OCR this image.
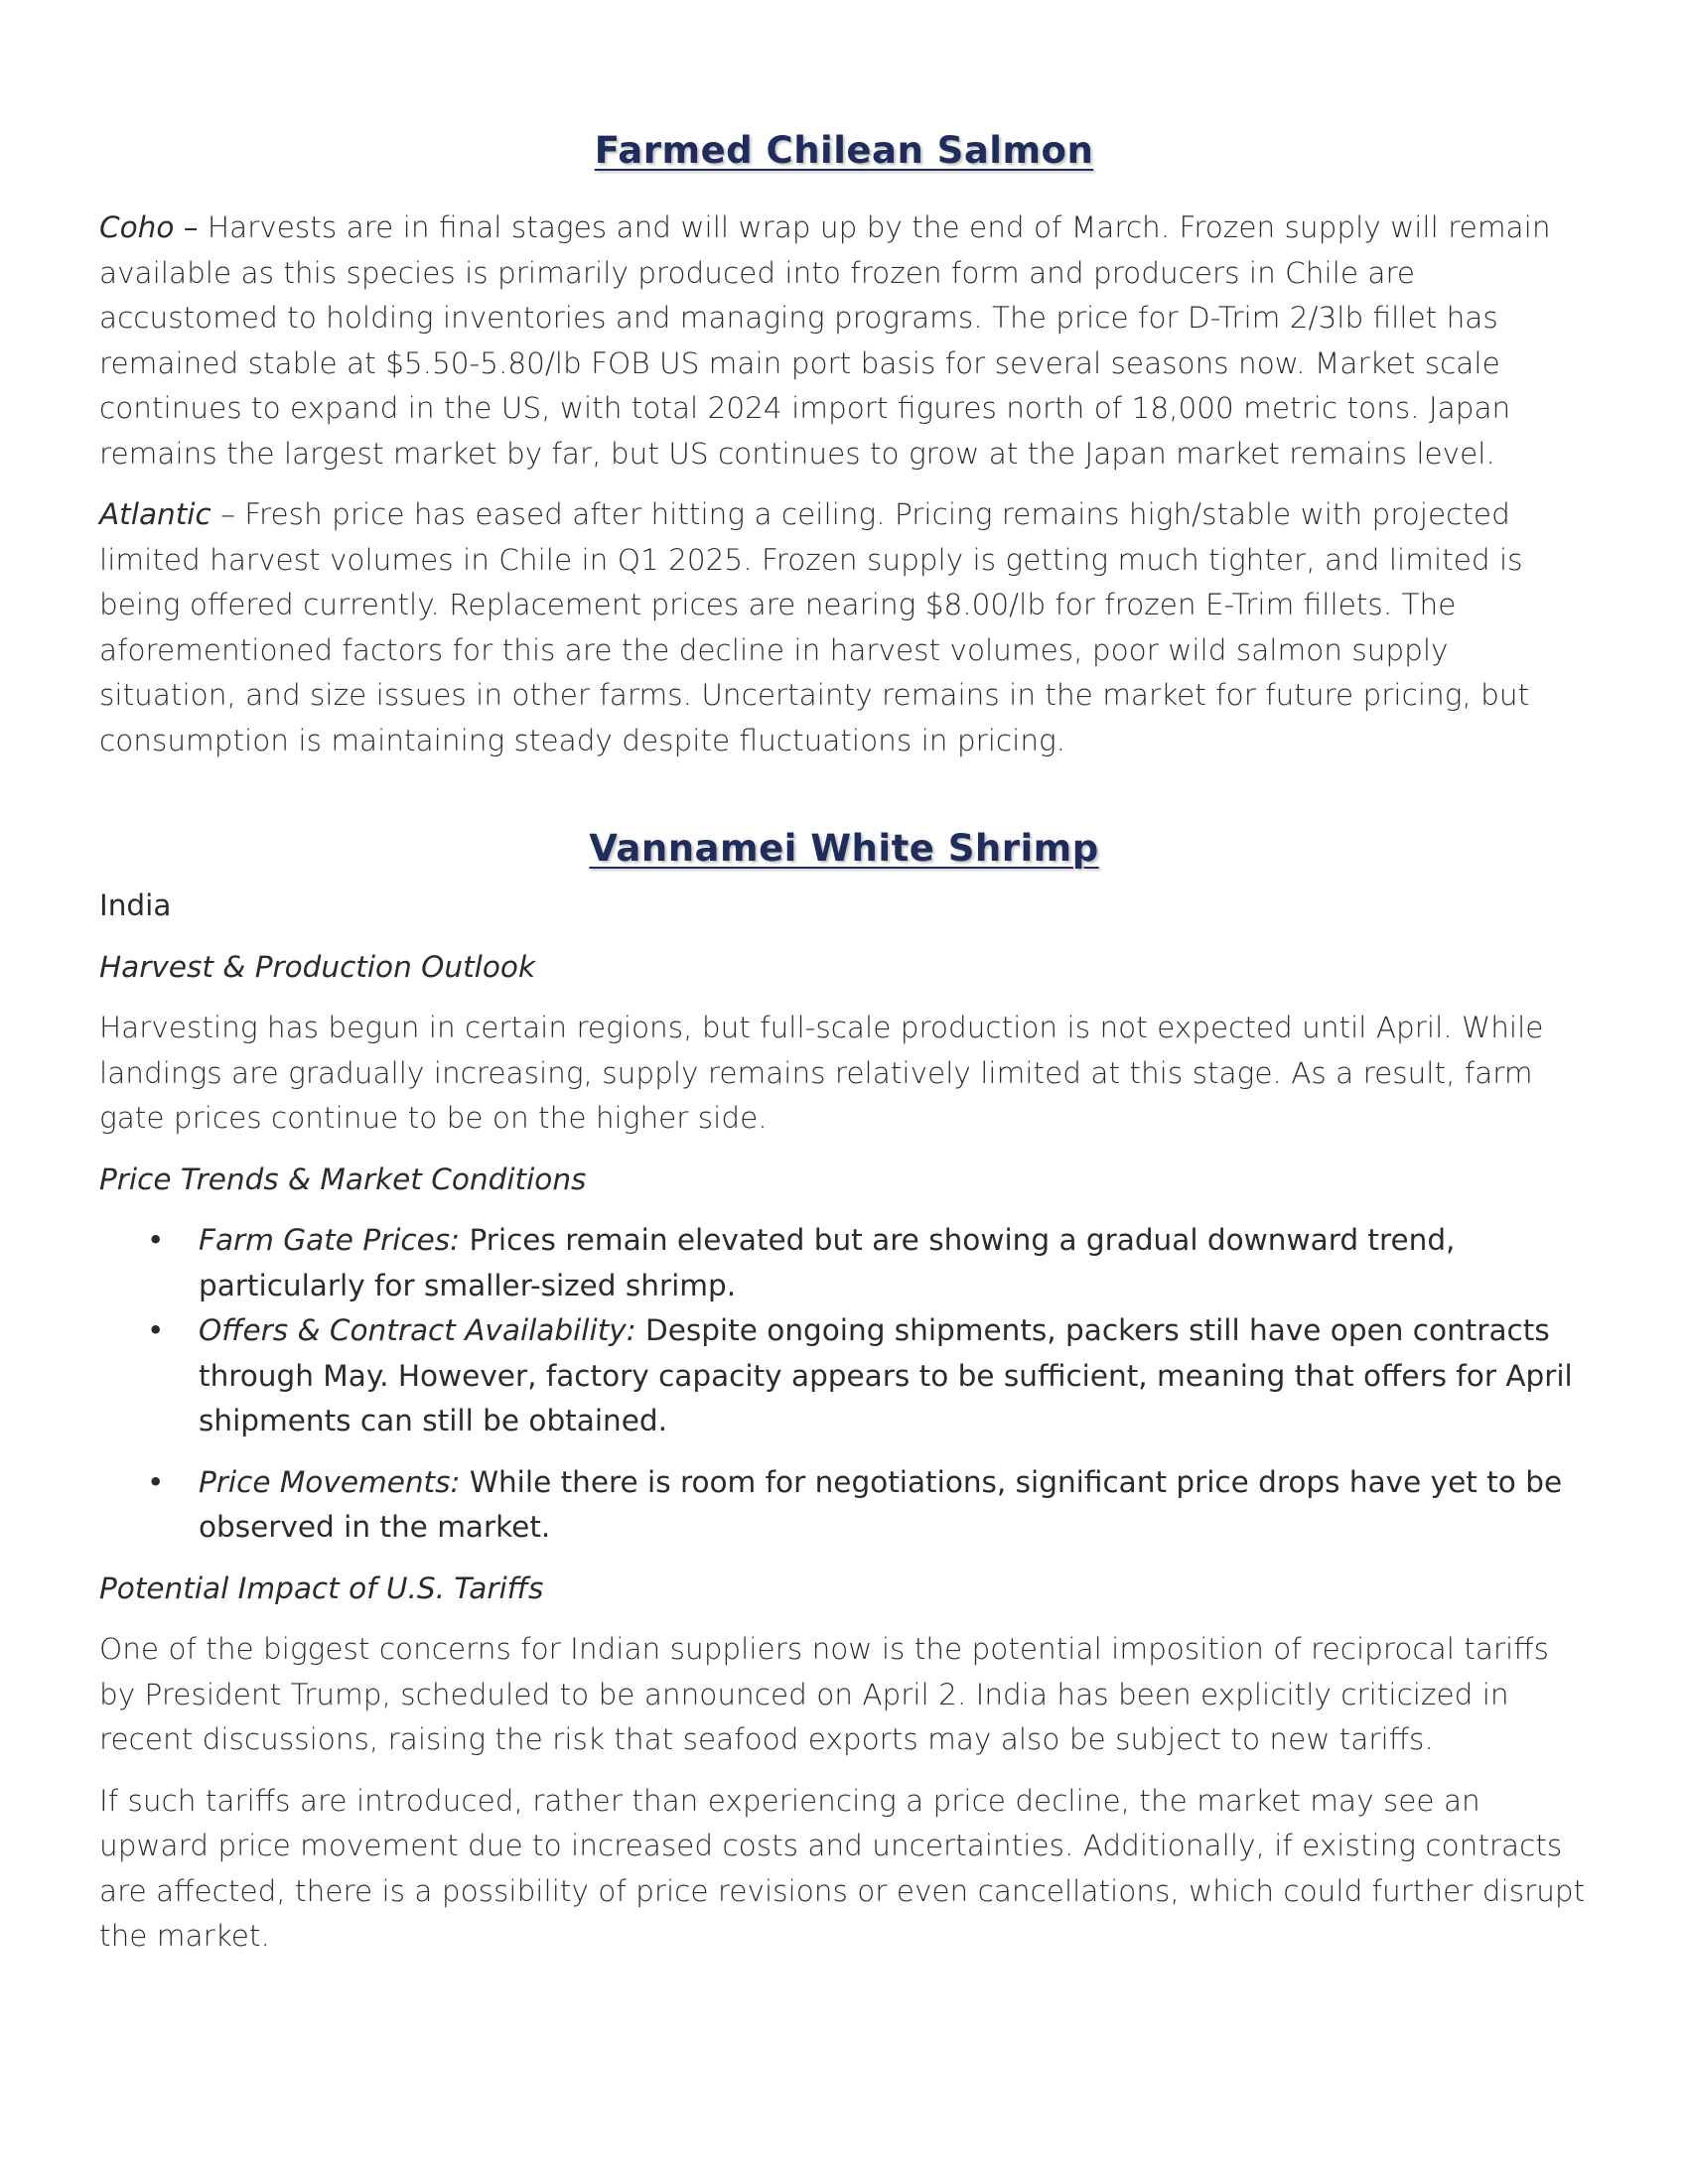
Farmed Chilean Salmon

Coho – Harvests are in final stages and will wrap up by the end of March. Frozen supply will remain available as this species is primarily produced into frozen form and producers in Chile are accustomed to holding inventories and managing programs. The price for D-Trim 2/3lb fillet has remained stable at $5.50-5.80/lb FOB US main port basis for several seasons now. Market scale continues to expand in the US, with total 2024 import figures north of 18,000 metric tons. Japan remains the largest market by far, but US continues to grow at the Japan market remains level.

Atlantic – Fresh price has eased after hitting a ceiling. Pricing remains high/stable with projected limited harvest volumes in Chile in Q1 2025. Frozen supply is getting much tighter, and limited is being offered currently. Replacement prices are nearing $8.00/lb for frozen E-Trim fillets. The aforementioned factors for this are the decline in harvest volumes, poor wild salmon supply situation, and size issues in other farms. Uncertainty remains in the market for future pricing, but consumption is maintaining steady despite fluctuations in pricing.

Vannamei White Shrimp
India
Harvest & Production Outlook

Harvesting has begun in certain regions, but full-scale production is not expected until April. While landings are gradually increasing, supply remains relatively limited at this stage. As a result, farm gate prices continue to be on the higher side.

Price Trends & Market Conditions
• Farm Gate Prices: Prices remain elevated but are showing a gradual downward trend, particularly for smaller-sized shrimp.
• Offers & Contract Availability: Despite ongoing shipments, packers still have open contracts through May. However, factory capacity appears to be sufficient, meaning that offers for April shipments can still be obtained.
• Price Movements: While there is room for negotiations, significant price drops have yet to be observed in the market.
Potential Impact of U.S. Tariffs

One of the biggest concerns for Indian suppliers now is the potential imposition of reciprocal tariffs by President Trump, scheduled to be announced on April 2. India has been explicitly criticized in recent discussions, raising the risk that seafood exports may also be subject to new tariffs.

If such tariffs are introduced, rather than experiencing a price decline, the market may see an upward price movement due to increased costs and uncertainties. Additionally, if existing contracts are affected, there is a possibility of price revisions or even cancellations, which could further disrupt the market.
